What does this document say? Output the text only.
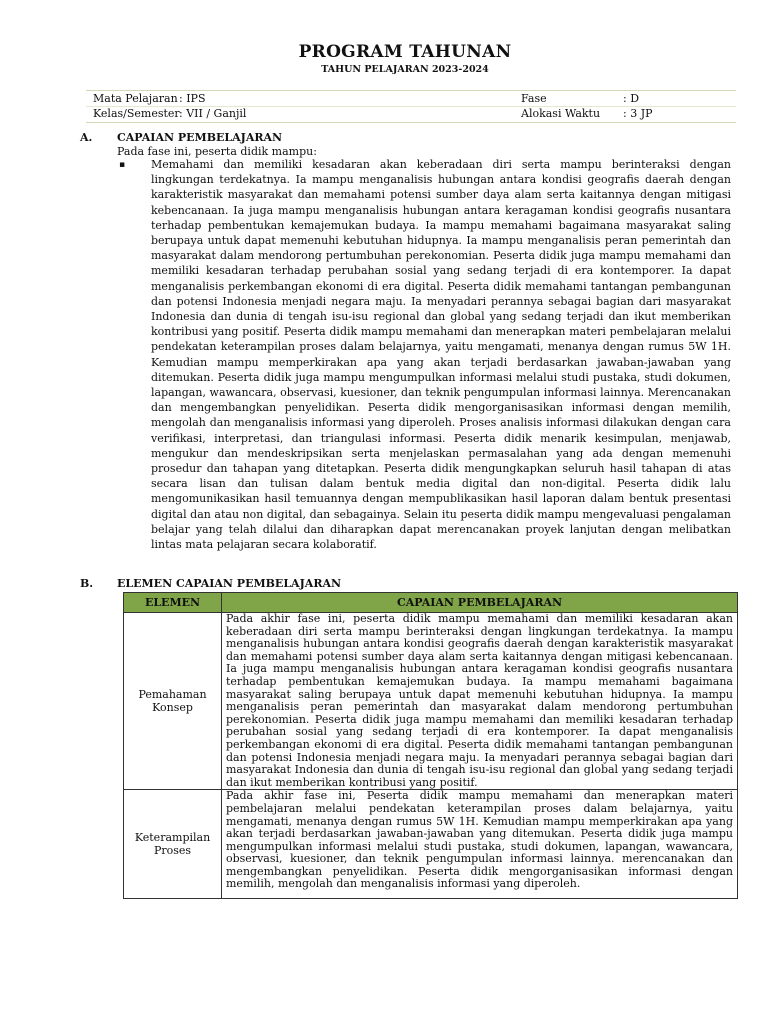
PROGRAM TAHUNAN
TAHUN PELAJARAN 2023-2024
Mata Pelajaran : IPS	Fase	: D
Kelas/Semester : VII / Ganjil	Alokasi Waktu	: 3 JP
A. CAPAIAN PEMBELAJARAN
Pada fase ini, peserta didik mampu:
▪ Memahami dan memiliki kesadaran akan keberadaan diri serta mampu berinteraksi dengan lingkungan terdekatnya. Ia mampu menganalisis hubungan antara kondisi geografis daerah dengan karakteristik masyarakat dan memahami potensi sumber daya alam serta kaitannya dengan mitigasi kebencanaan. Ia juga mampu menganalisis hubungan antara keragaman kondisi geografis nusantara terhadap pembentukan kemajemukan budaya. Ia mampu memahami bagaimana masyarakat saling berupaya untuk dapat memenuhi kebutuhan hidupnya. Ia mampu menganalisis peran pemerintah dan masyarakat dalam mendorong pertumbuhan perekonomian. Peserta didik juga mampu memahami dan memiliki kesadaran terhadap perubahan sosial yang sedang terjadi di era kontemporer. Ia dapat menganalisis perkembangan ekonomi di era digital. Peserta didik memahami tantangan pembangunan dan potensi Indonesia menjadi negara maju. Ia menyadari perannya sebagai bagian dari masyarakat Indonesia dan dunia di tengah isu-isu regional dan global yang sedang terjadi dan ikut memberikan kontribusi yang positif. Peserta didik mampu memahami dan menerapkan materi pembelajaran melalui pendekatan keterampilan proses dalam belajarnya, yaitu mengamati, menanya dengan rumus 5W 1H. Kemudian mampu memperkirakan apa yang akan terjadi berdasarkan jawaban-jawaban yang ditemukan. Peserta didik juga mampu mengumpulkan informasi melalui studi pustaka, studi dokumen, lapangan, wawancara, observasi, kuesioner, dan teknik pengumpulan informasi lainnya. Merencanakan dan mengembangkan penyelidikan. Peserta didik mengorganisasikan informasi dengan memilih, mengolah dan menganalisis informasi yang diperoleh. Proses analisis informasi dilakukan dengan cara verifikasi, interpretasi, dan triangulasi informasi. Peserta didik menarik kesimpulan, menjawab, mengukur dan mendeskripsikan serta menjelaskan permasalahan yang ada dengan memenuhi prosedur dan tahapan yang ditetapkan. Peserta didik mengungkapkan seluruh hasil tahapan di atas secara lisan dan tulisan dalam bentuk media digital dan non-digital. Peserta didik lalu mengomunikasikan hasil temuannya dengan mempublikasikan hasil laporan dalam bentuk presentasi digital dan atau non digital, dan sebagainya. Selain itu peserta didik mampu mengevaluasi pengalaman belajar yang telah dilalui dan diharapkan dapat merencanakan proyek lanjutan dengan melibatkan lintas mata pelajaran secara kolaboratif.
B. ELEMEN CAPAIAN PEMBELAJARAN
ELEMEN	CAPAIAN PEMBELAJARAN

Pemahaman
Konsep	Pada akhir fase ini, peserta didik mampu memahami dan memiliki kesadaran akan keberadaan diri serta mampu berinteraksi dengan lingkungan terdekatnya. Ia mampu menganalisis hubungan antara kondisi geografis daerah dengan karakteristik masyarakat dan memahami potensi sumber daya alam serta kaitannya dengan mitigasi kebencanaan. Ia juga mampu menganalisis hubungan antara keragaman kondisi geografis nusantara terhadap pembentukan kemajemukan budaya. Ia mampu memahami bagaimana masyarakat saling berupaya untuk dapat memenuhi kebutuhan hidupnya. Ia mampu menganalisis peran pemerintah dan masyarakat dalam mendorong pertumbuhan perekonomian. Peserta didik juga mampu memahami dan memiliki kesadaran terhadap perubahan sosial yang sedang terjadi di era kontemporer. Ia dapat menganalisis perkembangan ekonomi di era digital. Peserta didik memahami tantangan pembangunan dan potensi Indonesia menjadi negara maju. Ia menyadari perannya sebagai bagian dari masyarakat Indonesia dan dunia di tengah isu-isu regional dan global yang sedang terjadi dan ikut memberikan kontribusi yang positif.

Keterampilan
Proses	Pada akhir fase ini, Peserta didik mampu memahami dan menerapkan materi pembelajaran melalui pendekatan keterampilan proses dalam belajarnya, yaitu mengamati, menanya dengan rumus 5W 1H. Kemudian mampu memperkirakan apa yang akan terjadi berdasarkan jawaban-jawaban yang ditemukan. Peserta didik juga mampu mengumpulkan informasi melalui studi pustaka, studi dokumen, lapangan, wawancara, observasi, kuesioner, dan teknik pengumpulan informasi lainnya. merencanakan dan mengembangkan penyelidikan. Peserta didik mengorganisasikan informasi dengan memilih, mengolah dan menganalisis informasi yang diperoleh.
